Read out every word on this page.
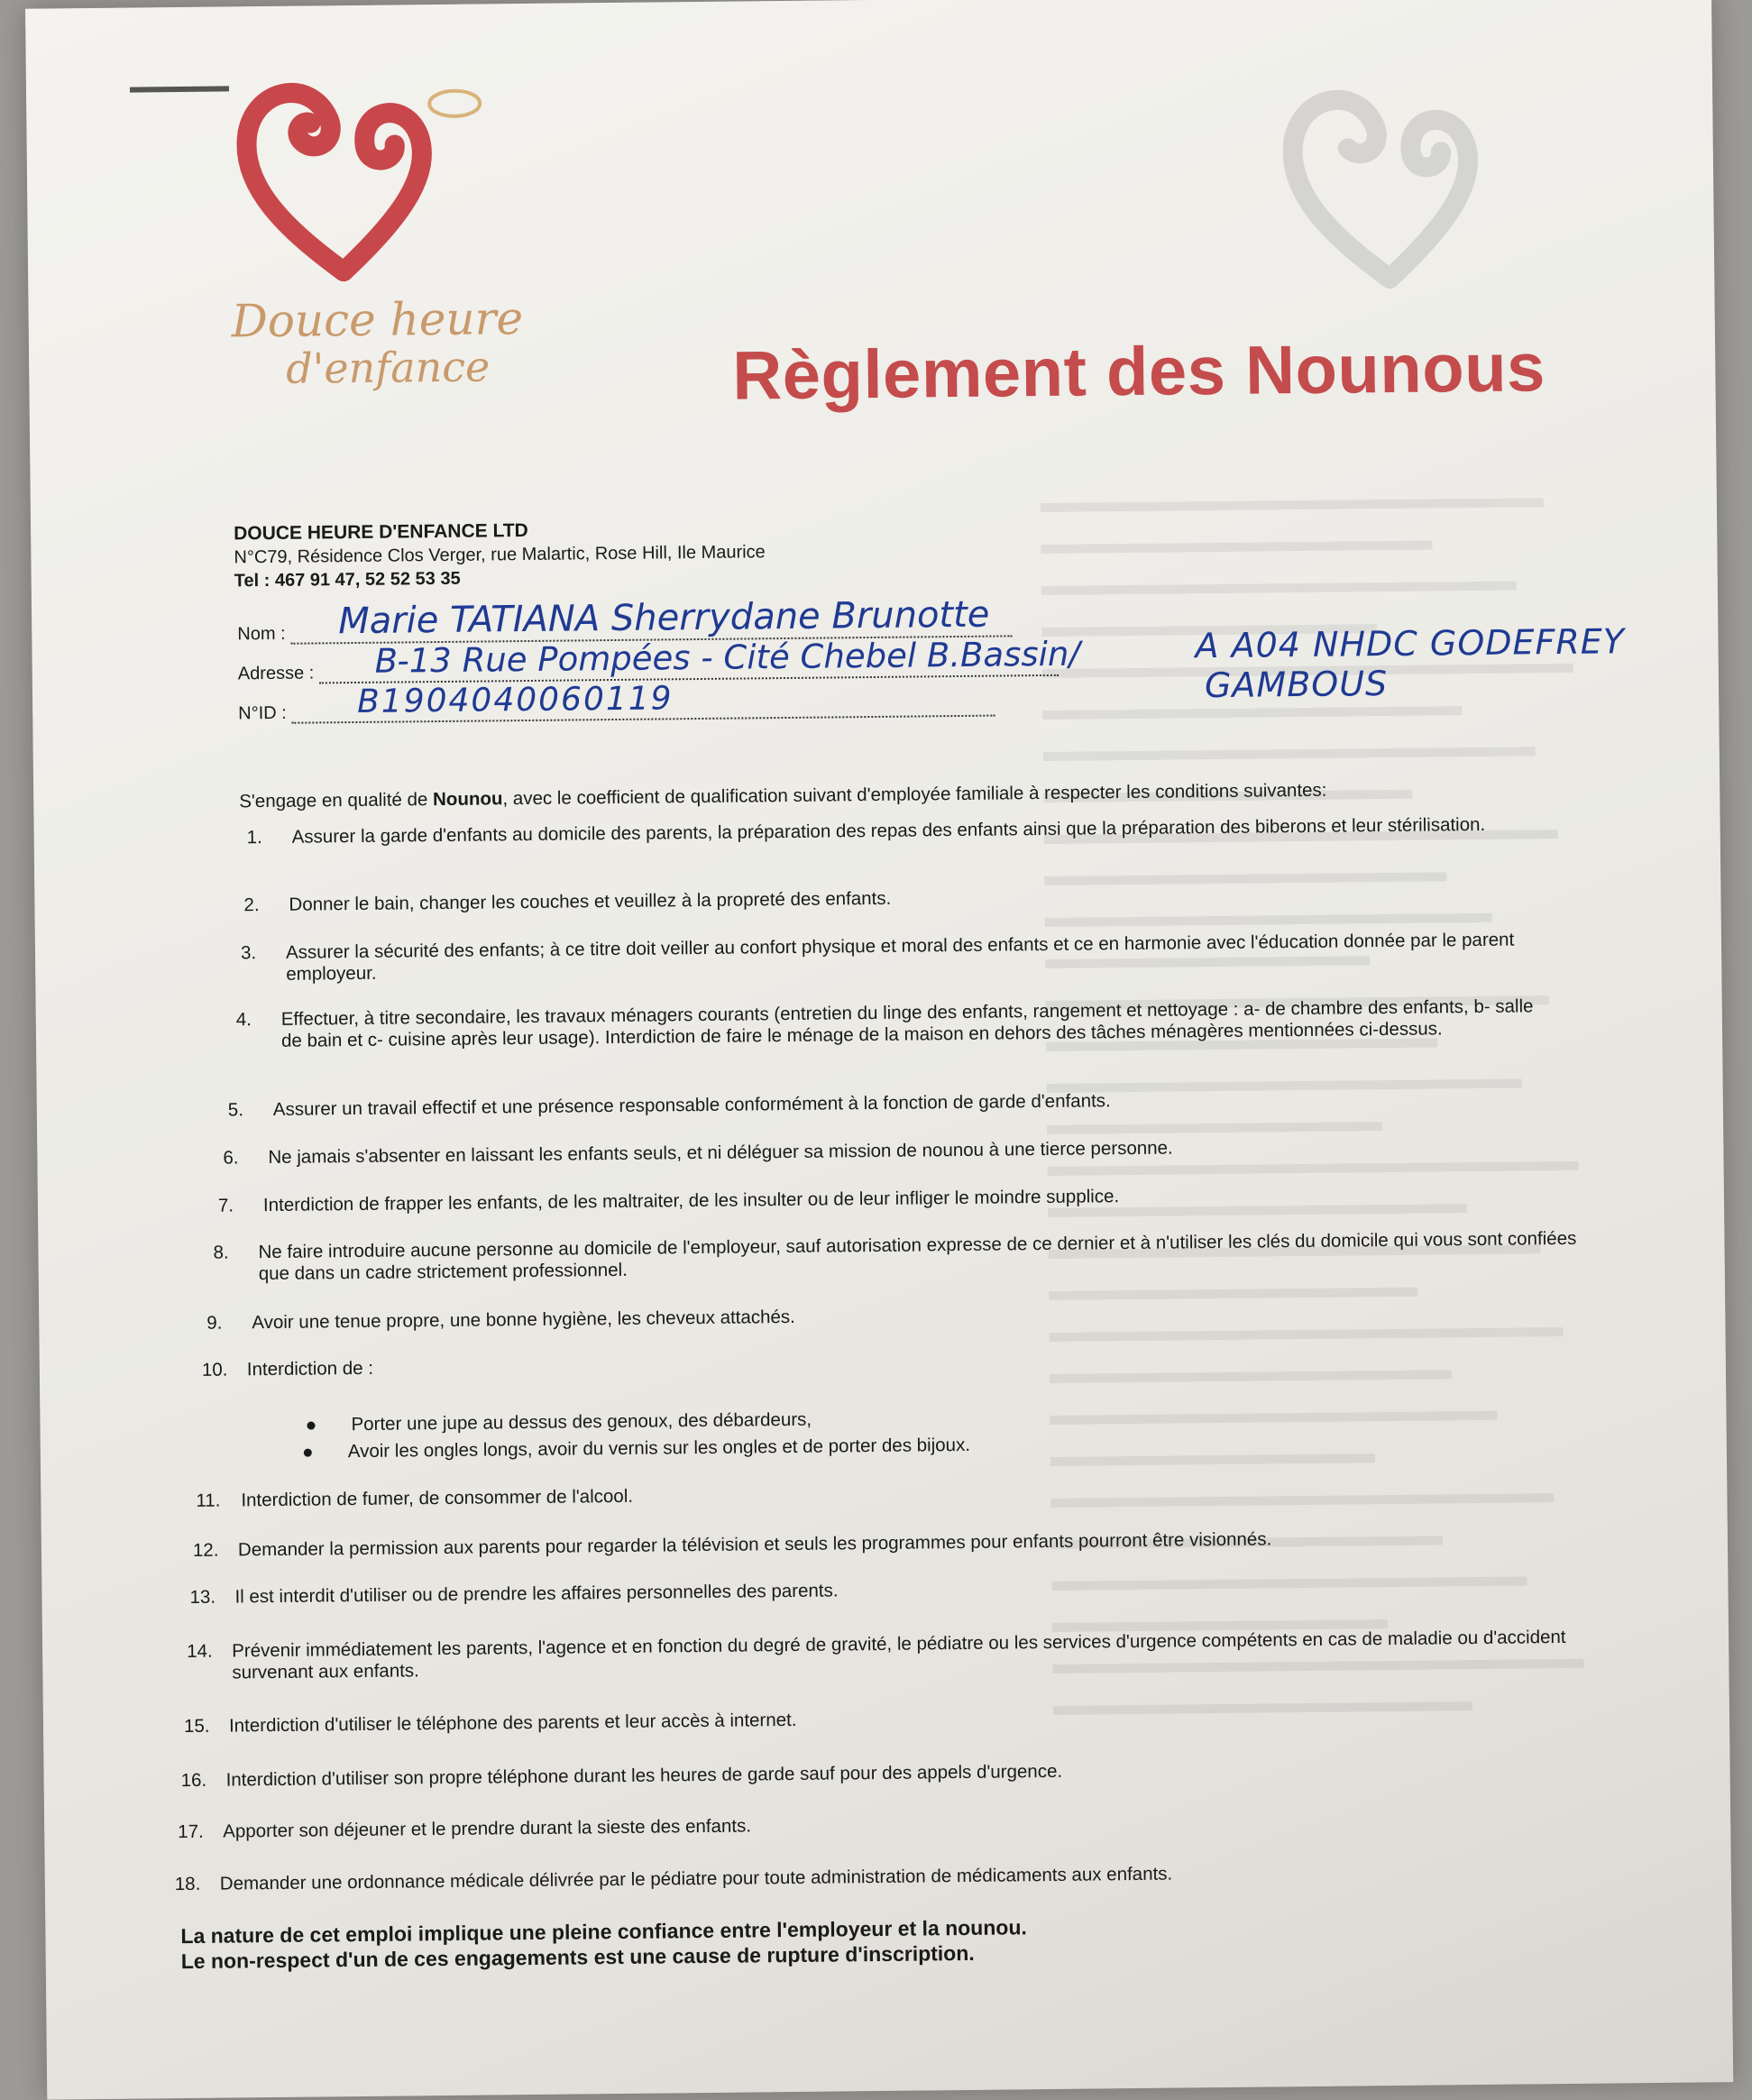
Douce heure
d'enfance	Règlement des Nounous
DOUCE HEURE D'ENFANCE LTD
N°C79, Résidence Clos Verger, rue Malartic, Rose Hill, Ile Maurice
Tel : 467 91 47, 52 52 53 35
Nom :	Marie TATIANA Sherrydane Brunotte
Adresse :	B-13 Rue Pompées - Cité Chebel B.Bassin/	A A04 NHDC GODEFREY
GAMBOUS
N°ID :	B1904040060119
S'engage en qualité de Nounou, avec le coefficient de qualification suivant d'employée familiale à respecter les conditions suivantes:
1.	Assurer la garde d'enfants au domicile des parents, la préparation des repas des enfants ainsi que la préparation des biberons et leur stérilisation.
2.	Donner le bain, changer les couches et veuillez à la propreté des enfants.
3.	Assurer la sécurité des enfants; à ce titre doit veiller au confort physique et moral des enfants et ce en harmonie avec l'éducation donnée par le parent employeur.
4.	Effectuer, à titre secondaire, les travaux ménagers courants (entretien du linge des enfants, rangement et nettoyage : a- de chambre des enfants, b- salle de bain et c- cuisine après leur usage). Interdiction de faire le ménage de la maison en dehors des tâches ménagères mentionnées ci-dessus.
5.	Assurer un travail effectif et une présence responsable conformément à la fonction de garde d'enfants.
6.	Ne jamais s'absenter en laissant les enfants seuls, et ni déléguer sa mission de nounou à une tierce personne.
7.	Interdiction de frapper les enfants, de les maltraiter, de les insulter ou de leur infliger le moindre supplice.
8.	Ne faire introduire aucune personne au domicile de l'employeur, sauf autorisation expresse de ce dernier et à n'utiliser les clés du domicile qui vous sont confiées que dans un cadre strictement professionnel.
9.	Avoir une tenue propre, une bonne hygiène, les cheveux attachés.
10.	Interdiction de :
Porter une jupe au dessus des genoux, des débardeurs,
Avoir les ongles longs, avoir du vernis sur les ongles et de porter des bijoux.
11.	Interdiction de fumer, de consommer de l'alcool.
12.	Demander la permission aux parents pour regarder la télévision et seuls les programmes pour enfants pourront être visionnés.
13.	Il est interdit d'utiliser ou de prendre les affaires personnelles des parents.
14.	Prévenir immédiatement les parents, l'agence et en fonction du degré de gravité, le pédiatre ou les services d'urgence compétents en cas de maladie ou d'accident survenant aux enfants.
15.	Interdiction d'utiliser le téléphone des parents et leur accès à internet.
16.	Interdiction d'utiliser son propre téléphone durant les heures de garde sauf pour des appels d'urgence.
17.	Apporter son déjeuner et le prendre durant la sieste des enfants.
18.	Demander une ordonnance médicale délivrée par le pédiatre pour toute administration de médicaments aux enfants.
La nature de cet emploi implique une pleine confiance entre l'employeur et la nounou.
Le non-respect d'un de ces engagements est une cause de rupture d'inscription.
